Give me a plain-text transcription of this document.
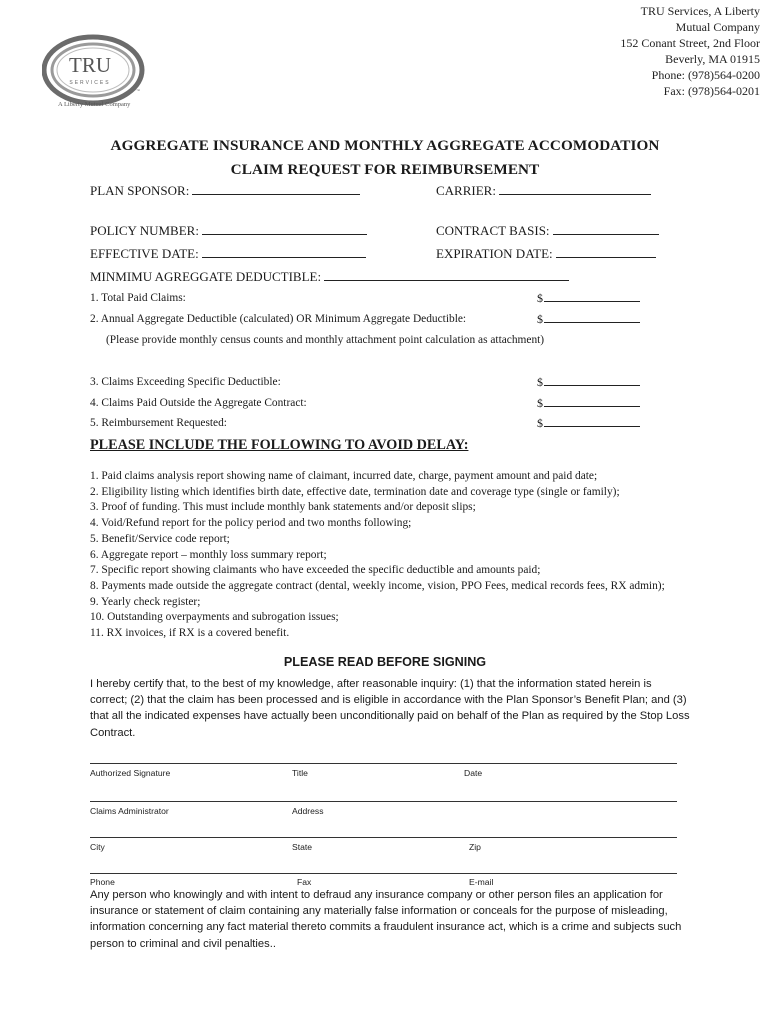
TRU
SERVICES
™
A Liberty Mutual Company
TRU Services, A Liberty
Mutual Company
152 Conant Street, 2nd Floor
Beverly, MA 01915
Phone: (978)564-0200
Fax: (978)564-0201
AGGREGATE INSURANCE AND MONTHLY AGGREGATE ACCOMODATION
CLAIM REQUEST FOR REIMBURSEMENT
PLAN SPONSOR:	CARRIER:
POLICY NUMBER:	CONTRACT BASIS:
EFFECTIVE DATE:	EXPIRATION DATE:
MINMIMU AGREGGATE DEDUCTIBLE:
1. Total Paid Claims:	$
2. Annual Aggregate Deductible (calculated) OR Minimum Aggregate Deductible:	$
(Please provide monthly census counts and monthly attachment point calculation as attachment)
3. Claims Exceeding Specific Deductible:	$
4. Claims Paid Outside the Aggregate Contract:	$
5. Reimbursement Requested:	$
PLEASE INCLUDE THE FOLLOWING TO AVOID DELAY:
1. Paid claims analysis report showing name of claimant, incurred date, charge, payment amount and paid date;
2. Eligibility listing which identifies birth date, effective date, termination date and coverage type (single or family);
3. Proof of funding. This must include monthly bank statements and/or deposit slips;
4. Void/Refund report for the policy period and two months following;
5. Benefit/Service code report;
6. Aggregate report – monthly loss summary report;
7. Specific report showing claimants who have exceeded the specific deductible and amounts paid;
8. Payments made outside the aggregate contract (dental, weekly income, vision, PPO Fees, medical records fees, RX admin);
9. Yearly check register;
10. Outstanding overpayments and subrogation issues;
11. RX invoices, if RX is a covered benefit.
PLEASE READ BEFORE SIGNING
I hereby certify that, to the best of my knowledge, after reasonable inquiry: (1) that the information stated herein is correct; (2) that the claim has been processed and is eligible in accordance with the Plan Sponsor’s Benefit Plan; and (3) that all the indicated expenses have actually been unconditionally paid on behalf of the Plan as required by the Stop Loss Contract.
Authorized Signature	Title	Date
Claims Administrator	Address
City	State	Zip
Phone	Fax	E-mail
Any person who knowingly and with intent to defraud any insurance company or other person files an application for insurance or statement of claim containing any materially false information or conceals for the purpose of misleading, information concerning any fact material thereto commits a fraudulent insurance act, which is a crime and subjects such person to criminal and civil penalties..
